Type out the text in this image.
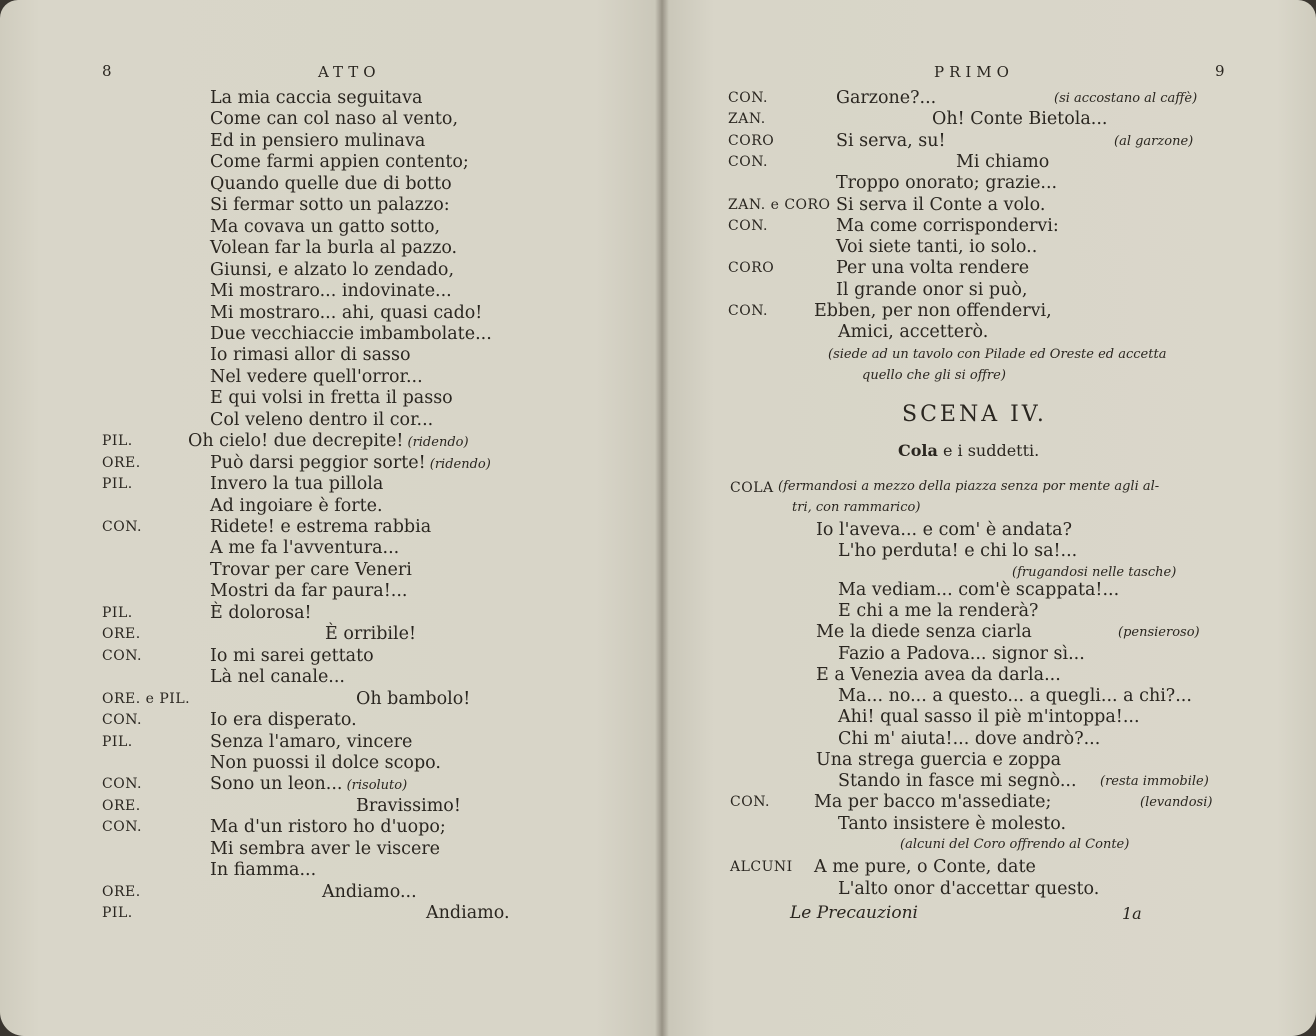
8	ATTO
La mia caccia seguitava
Come can col naso al vento,
Ed in pensiero mulinava
Come farmi appien contento;
Quando quelle due di botto
Si fermar sotto un palazzo:
Ma covava un gatto sotto,
Volean far la burla al pazzo.
Giunsi, e alzato lo zendado,
Mi mostraro... indovinate...
Mi mostraro... ahi, quasi cado!
Due vecchiaccie imbambolate...
Io rimasi allor di sasso
Nel vedere quell'orror...
E qui volsi in fretta il passo
Col veleno dentro il cor...
PIL.	Oh cielo! due decrepite! (ridendo)
ORE.	Può darsi peggior sorte! (ridendo)
PIL.	Invero la tua pillola
Ad ingoiare è forte.
CON.	Ridete! e estrema rabbia
A me fa l'avventura...
Trovar per care Veneri
Mostri da far paura!...
PIL.	È dolorosa!
ORE.	È orribile!
CON.	Io mi sarei gettato
Là nel canale...
ORE. e PIL.	Oh bambolo!
CON.	Io era disperato.
PIL.	Senza l'amaro, vincere
Non puossi il dolce scopo.
CON.	Sono un leon... (risoluto)
ORE.	Bravissimo!
CON.	Ma d'un ristoro ho d'uopo;
Mi sembra aver le viscere
In fiamma...
ORE.	Andiamo...
PIL.	Andiamo.
PRIMO	9
CON.	Garzone?...	(si accostano al caffè)
ZAN.	Oh! Conte Bietola...
CORO	Si serva, su!	(al garzone)
CON.	Mi chiamo
Troppo onorato; grazie...
ZAN. e CORO Si serva il Conte a volo.
CON.	Ma come corrispondervi:
Voi siete tanti, io solo..
CORO	Per una volta rendere
Il grande onor si può,
CON.	Ebben, per non offendervi,
Amici, accetterò.
(siede ad un tavolo con Pilade ed Oreste ed accetta
quello che gli si offre)
SCENA IV.
Cola e i suddetti.
COLA (fermandosi a mezzo della piazza senza por mente agli al-
tri, con rammarico)
Io l'aveva... e com' è andata?
L'ho perduta! e chi lo sa!...
(frugandosi nelle tasche)
Ma vediam... com'è scappata!...
E chi a me la renderà?
Me la diede senza ciarla	(pensieroso)
Fazio a Padova... signor sì...
E a Venezia avea da darla...
Ma... no... a questo... a quegli... a chi?...
Ahi! qual sasso il piè m'intoppa!...
Chi m' aiuta!... dove andrò?...
Una strega guercia e zoppa
Stando in fasce mi segnò... (resta immobile)
CON.	Ma per bacco m'assediate;	(levandosi)
Tanto insistere è molesto.
(alcuni del Coro offrendo al Conte)
ALCUNI A me pure, o Conte, date
L'alto onor d'accettar questo.
Le Precauzioni	1a
